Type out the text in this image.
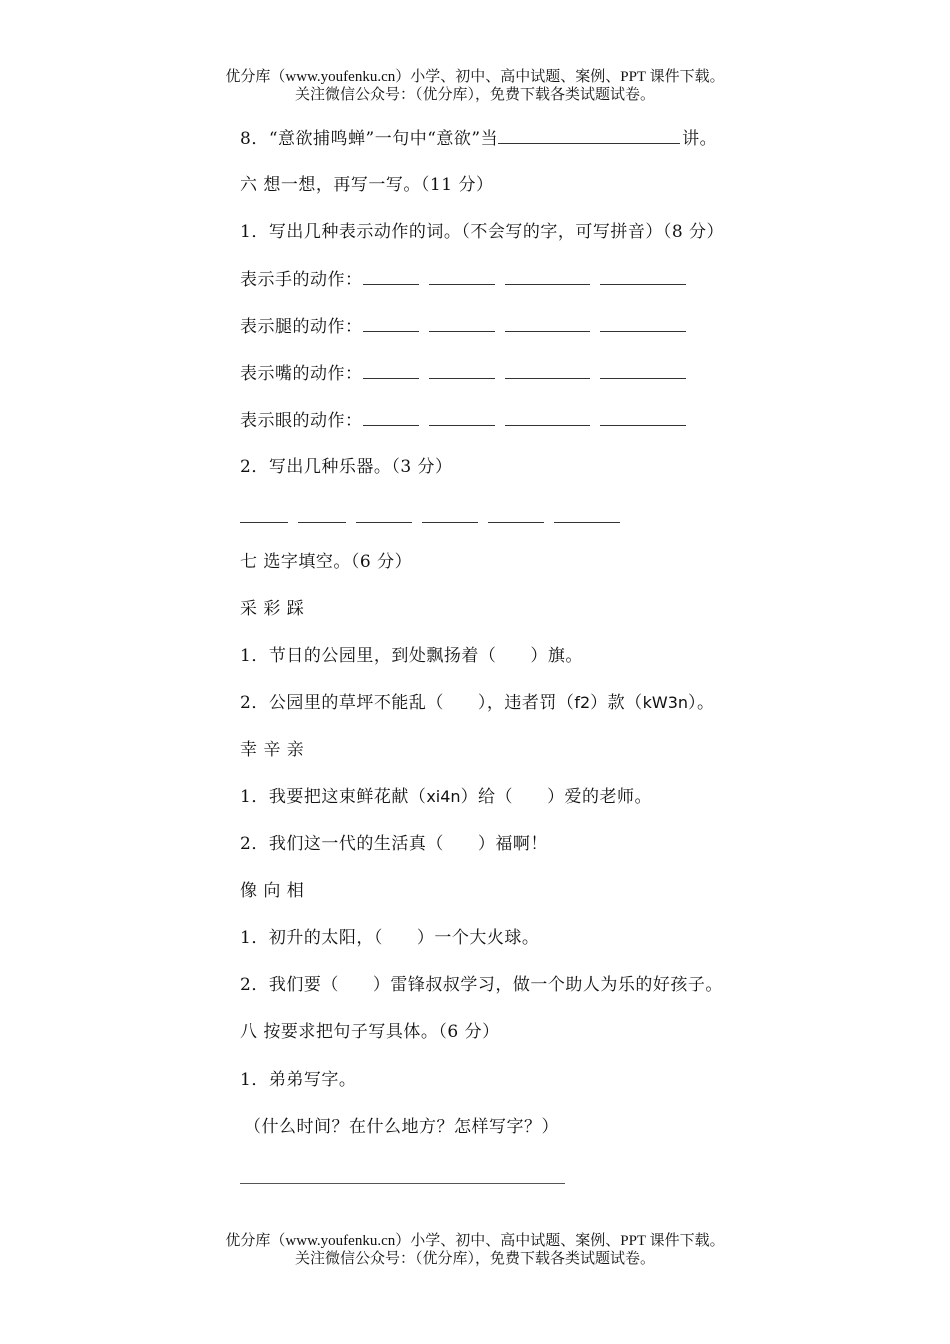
优分库（www.youfenku.cn）小学、初中、高中试题、案例、PPT 课件下载。
关注微信公众号：（优分库），免费下载各类试题试卷。
8．“意欲捕鸣蝉”一句中“意欲”当	讲。
六 想一想，再写一写。（11 分）
1．写出几种表示动作的词。（不会写的字，可写拼音）（8 分）
表示手的动作：
表示腿的动作：
表示嘴的动作：
表示眼的动作：
2．写出几种乐器。（3 分）
七 选字填空。（6 分）
采 彩 踩
1．节日的公园里，到处飘扬着（ ）旗。
2．公园里的草坪不能乱（ ），违者罚（f2）款（kW3n）。
幸 辛 亲
1．我要把这束鲜花献（xi4n）给（ ）爱的老师。
2．我们这一代的生活真（ ）福啊！
像 向 相
1．初升的太阳，（ ）一个大火球。
2．我们要（ ）雷锋叔叔学习，做一个助人为乐的好孩子。
八 按要求把句子写具体。（6 分）
1．弟弟写字。
（什么时间？在什么地方？怎样写字？）
优分库（www.youfenku.cn）小学、初中、高中试题、案例、PPT 课件下载。
关注微信公众号：（优分库），免费下载各类试题试卷。
